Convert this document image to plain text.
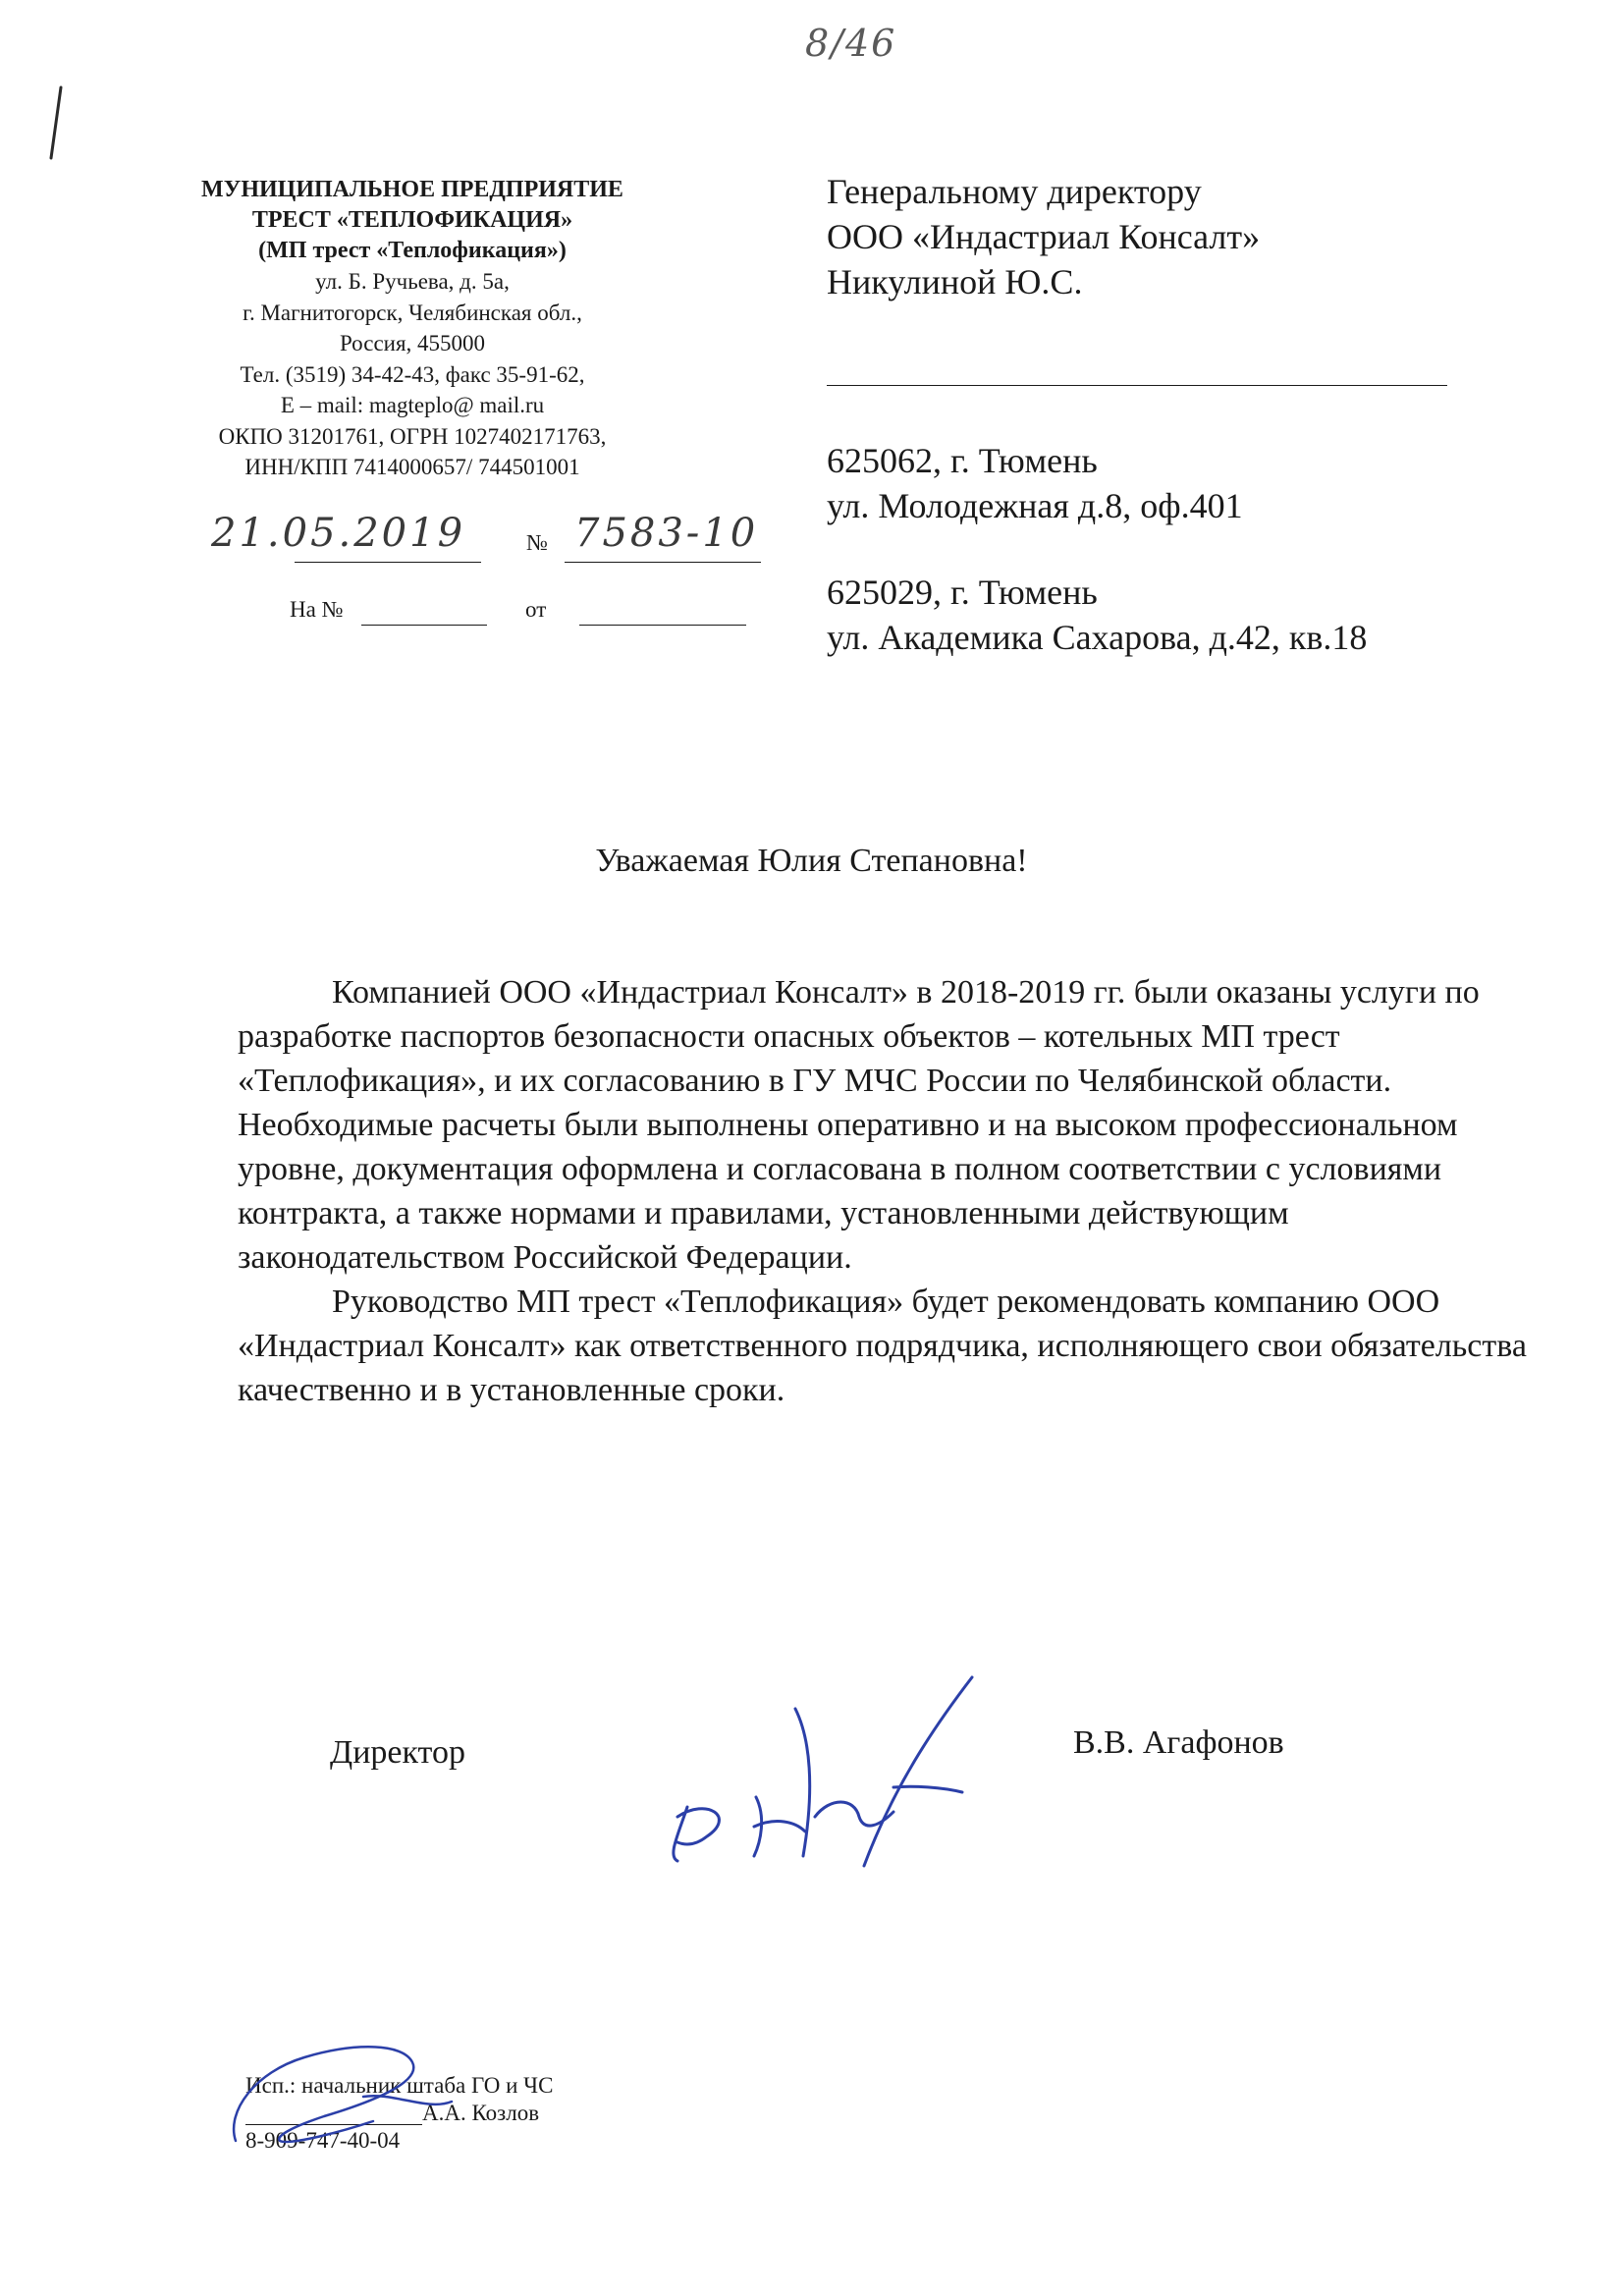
8/46
МУНИЦИПАЛЬНОЕ ПРЕДПРИЯТИЕ
ТРЕСТ «ТЕПЛОФИКАЦИЯ»
(МП трест «Теплофикация»)
ул. Б. Ручьева, д. 5а,
г. Магнитогорск, Челябинская обл.,
Россия, 455000
Тел. (3519) 34-42-43, факс 35-91-62,
E – mail: magteplo@ mail.ru
ОКПО 31201761, ОГРН 1027402171763,
ИНН/КПП 7414000657/ 744501001
21.05.2019	№ 7583-10
На №	от
Генеральному директору
ООО «Индастриал Консалт»
Никулиной Ю.С.
625062, г. Тюмень
ул. Молодежная д.8, оф.401
625029, г. Тюмень
ул. Академика Сахарова, д.42, кв.18
Уважаемая Юлия Степановна!

Компанией ООО «Индастриал Консалт» в 2018-2019 гг. были оказаны услуги по разработке паспортов безопасности опасных объектов – котельных МП трест «Теплофикация», и их согласованию в ГУ МЧС России по Челябинской области. Необходимые расчеты были выполнены оперативно и на высоком профессиональном уровне, документация оформлена и согласована в полном соответствии с условиями контракта, а также нормами и правилами, установленными действующим законодательством Российской Федерации.

Руководство МП трест «Теплофикация» будет рекомендовать компанию ООО «Индастриал Консалт» как ответственного подрядчика, исполняющего свои обязательства качественно и в установленные сроки.

Директор	В.В. Агафонов
Исп.: начальник штаба ГО и ЧС
А.А. Козлов
8-909-747-40-04
